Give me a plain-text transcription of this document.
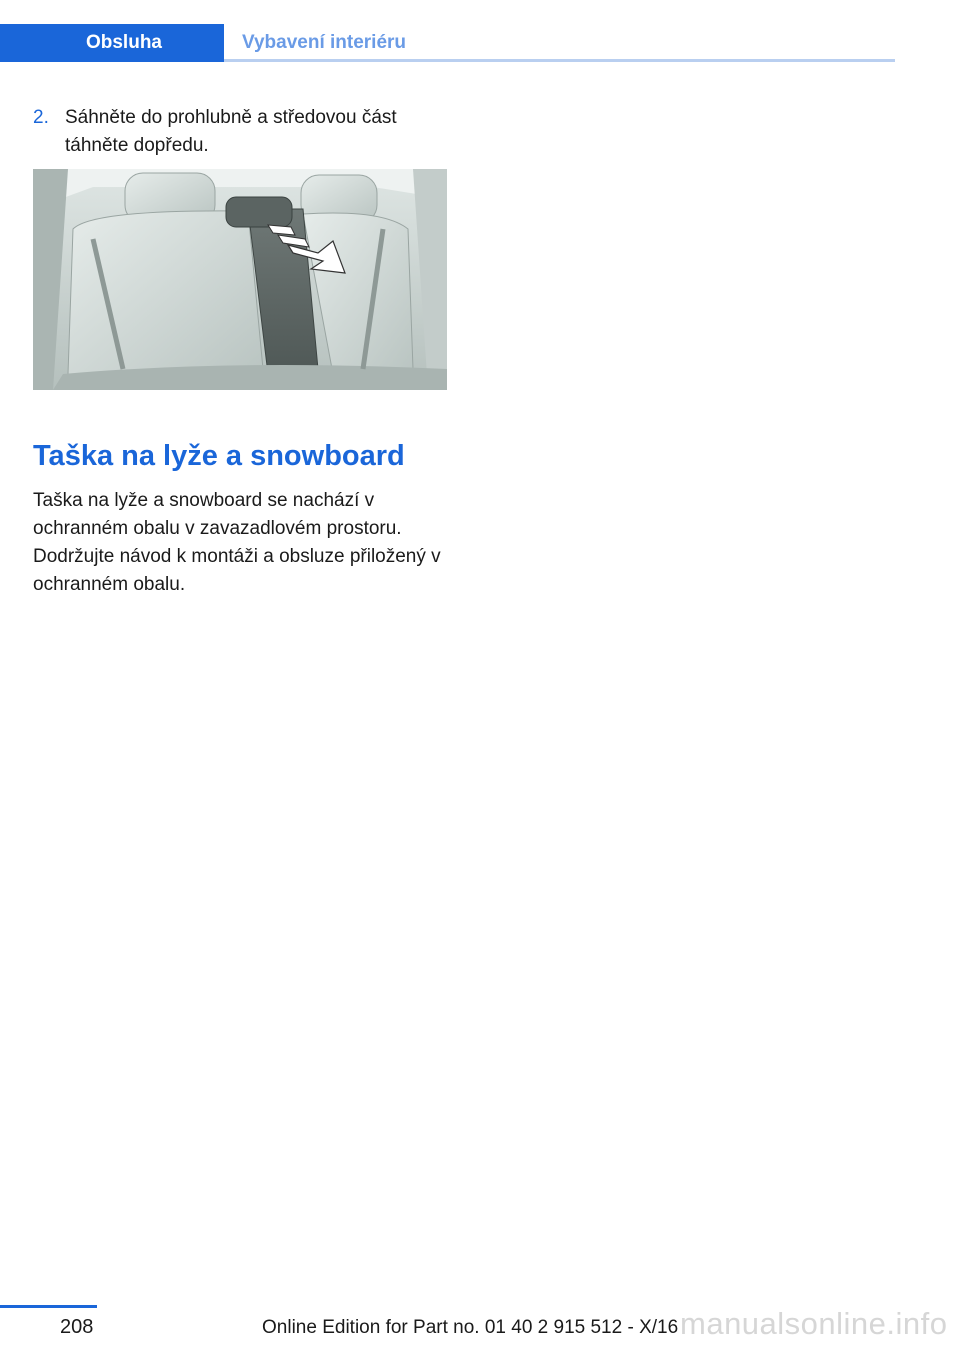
Obsluha	Vybavení interiéru
2. Sáhněte do prohlubně a středovou část táhněte dopředu.
Taška na lyže a snowboard
Taška na lyže a snowboard se nachází v ochranném obalu v zavazadlovém prostoru.
Dodržujte návod k montáži a obsluze přiložený v ochranném obalu.
208	Online Edition for Part no. 01 40 2 915 512 - X/16 manualsonline.info
